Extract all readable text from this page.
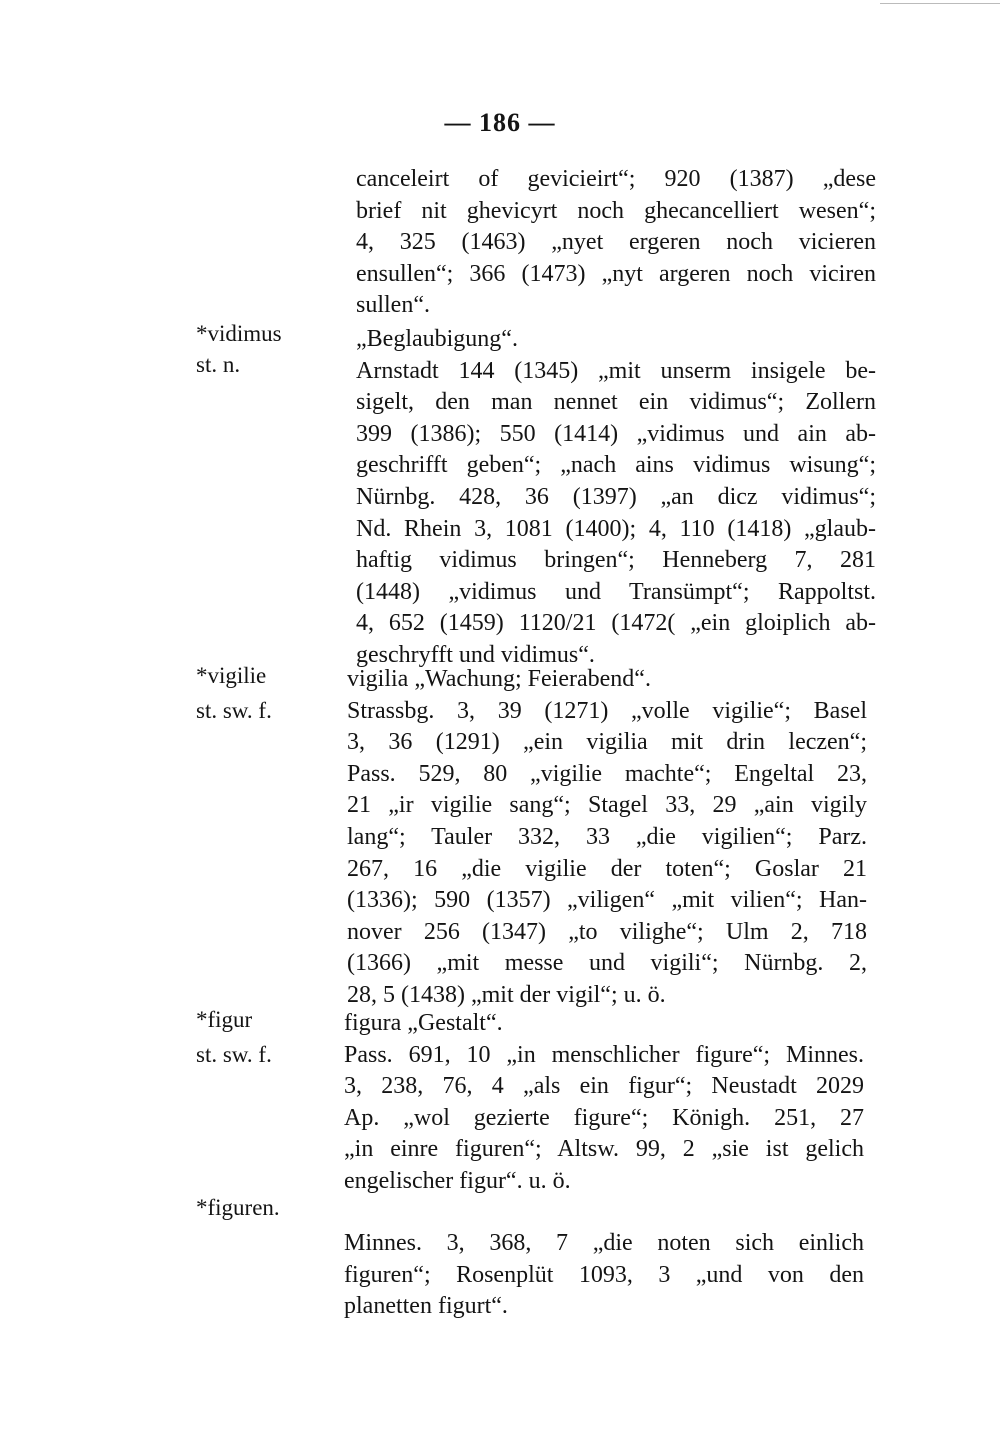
— 186 —
canceleirt of gevicieirt“; 920 (1387) „dese
brief nit ghevicyrt noch ghecancelliert wesen“;
4, 325 (1463) „nyet ergeren noch vicieren
ensullen“; 366 (1473) „nyt argeren noch viciren
sullen“.
*vidimus
st. n.
„Beglaubigung“.
Arnstadt 144 (1345) „mit unserm insigele be-
sigelt, den man nennet ein vidimus“; Zollern
399 (1386); 550 (1414) „vidimus und ain ab-
geschrifft geben“; „nach ains vidimus wisung“;
Nürnbg. 428, 36 (1397) „an dicz vidimus“;
Nd. Rhein 3, 1081 (1400); 4, 110 (1418) „glaub-
haftig vidimus bringen“; Henneberg 7, 281
(1448) „vidimus und Transümpt“; Rappoltst.
4, 652 (1459) 1120/21 (1472( „ein gloiplich ab-
geschryfft und vidimus“.
*vigilie
st. sw. f.
vigilia „Wachung; Feierabend“.
Strassbg. 3, 39 (1271) „volle vigilie“; Basel
3, 36 (1291) „ein vigilia mit drin leczen“;
Pass. 529, 80 „vigilie machte“; Engeltal 23,
21 „ir vigilie sang“; Stagel 33, 29 „ain vigily
lang“; Tauler 332, 33 „die vigilien“; Parz.
267, 16 „die vigilie der toten“; Goslar 21
(1336); 590 (1357) „viligen“ „mit vilien“; Han-
nover 256 (1347) „to vilighe“; Ulm 2, 718
(1366) „mit messe und vigili“; Nürnbg. 2,
28, 5 (1438) „mit der vigil“; u. ö.
*figur
st. sw. f.
figura „Gestalt“.
Pass. 691, 10 „in menschlicher figure“; Minnes.
3, 238, 76, 4 „als ein figur“; Neustadt 2029
Ap. „wol gezierte figure“; Königh. 251, 27
„in einre figuren“; Altsw. 99, 2 „sie ist gelich
engelischer figur“. u. ö.
*figuren.
Minnes. 3, 368, 7 „die noten sich einlich
figuren“; Rosenplüt 1093, 3 „und von den
planetten figurt“.
